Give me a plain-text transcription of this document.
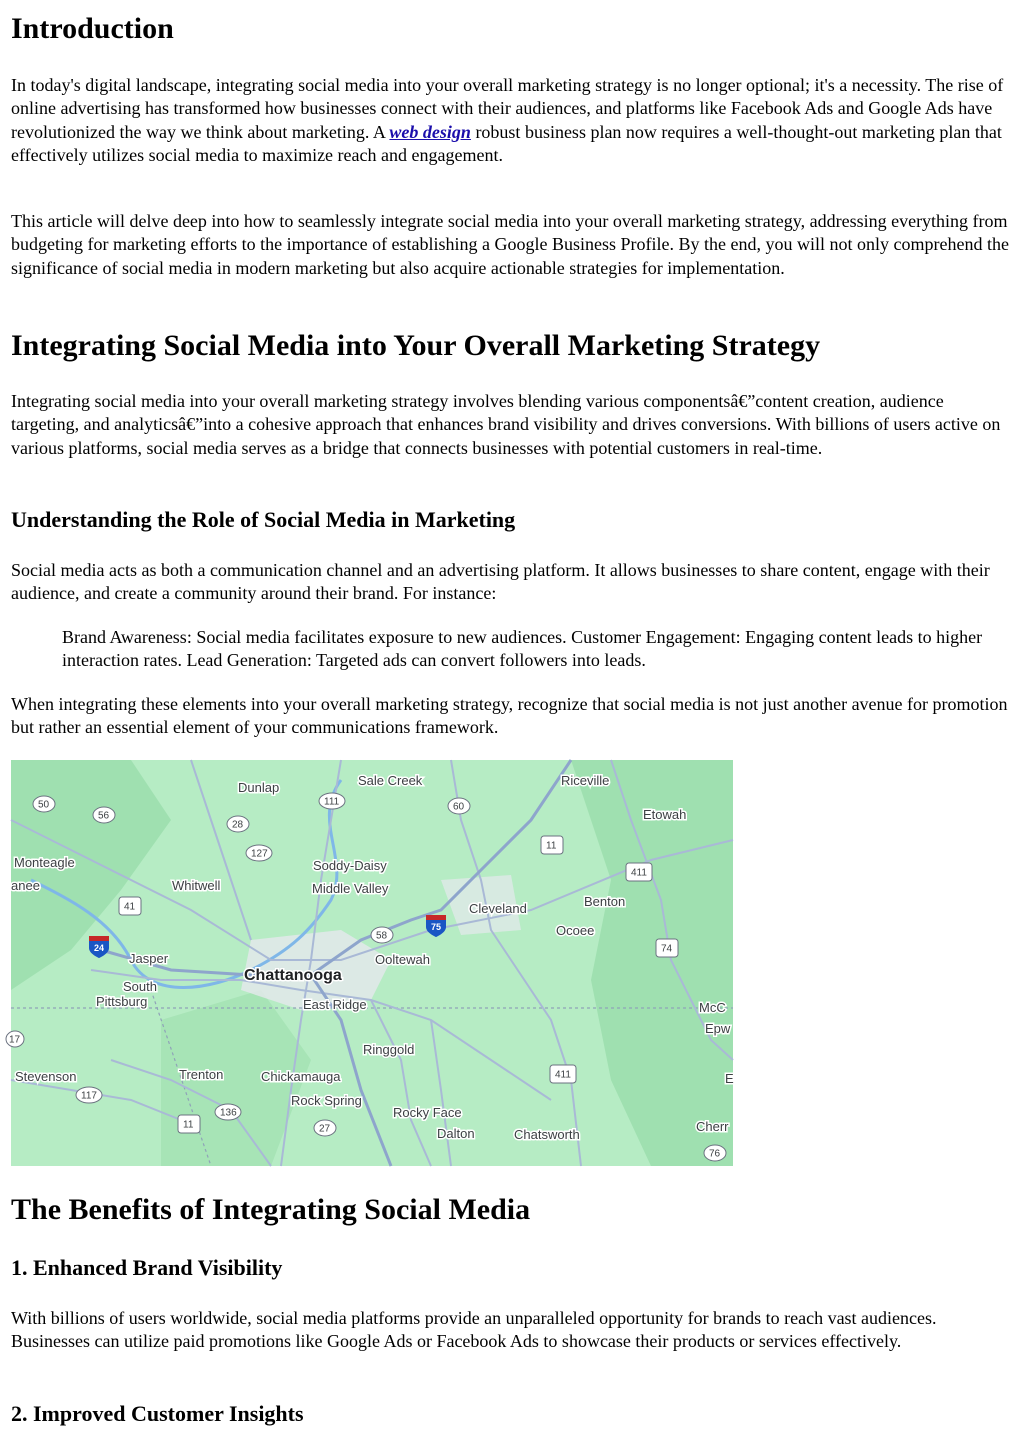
Introduction

In today's digital landscape, integrating social media into your overall marketing strategy is no longer optional; it's a necessity. The rise of online advertising has transformed how businesses connect with their audiences, and platforms like Facebook Ads and Google Ads have revolutionized the way we think about marketing. A web design robust business plan now requires a well-thought-out marketing plan that effectively utilizes social media to maximize reach and engagement.

This article will delve deep into how to seamlessly integrate social media into your overall marketing strategy, addressing everything from budgeting for marketing efforts to the importance of establishing a Google Business Profile. By the end, you will not only comprehend the significance of social media in modern marketing but also acquire actionable strategies for implementation.

Integrating Social Media into Your Overall Marketing Strategy

Integrating social media into your overall marketing strategy involves blending various componentsâ€”content creation, audience targeting, and analyticsâ€”into a cohesive approach that enhances brand visibility and drives conversions. With billions of users active on various platforms, social media serves as a bridge that connects businesses with potential customers in real-time.

Understanding the Role of Social Media in Marketing

Social media acts as both a communication channel and an advertising platform. It allows businesses to share content, engage with their audience, and create a community around their brand. For instance:

Brand Awareness: Social media facilitates exposure to new audiences. Customer Engagement: Engaging content leads to higher interaction rates. Lead Generation: Targeted ads can convert followers into leads.

When integrating these elements into your overall marketing strategy, recognize that social media is not just another avenue for promotion but rather an essential element of your communications framework.

Dunlap	Sale Creek	Riceville
Etowah
Monteagle
anee	Whitwell
Soddy-Daisy
Middle Valley
Benton
Cleveland
Ocoee
Jasper
South
Pittsburg
Chattanooga
Ooltewah
East Ridge	McC
Epw
Ringgold
Stevenson	Trenton	Chickamauga
Rock Spring
Rocky Face
Dalton	Chatsworth
E
Cherr
50
56
111	60
28
127
11
411
41
58
74
17
411
117
136
11	27
76
24
75
The Benefits of Integrating Social Media
1. Enhanced Brand Visibility

With billions of users worldwide, social media platforms provide an unparalleled opportunity for brands to reach vast audiences. Businesses can utilize paid promotions like Google Ads or Facebook Ads to showcase their products or services effectively.

2. Improved Customer Insights
